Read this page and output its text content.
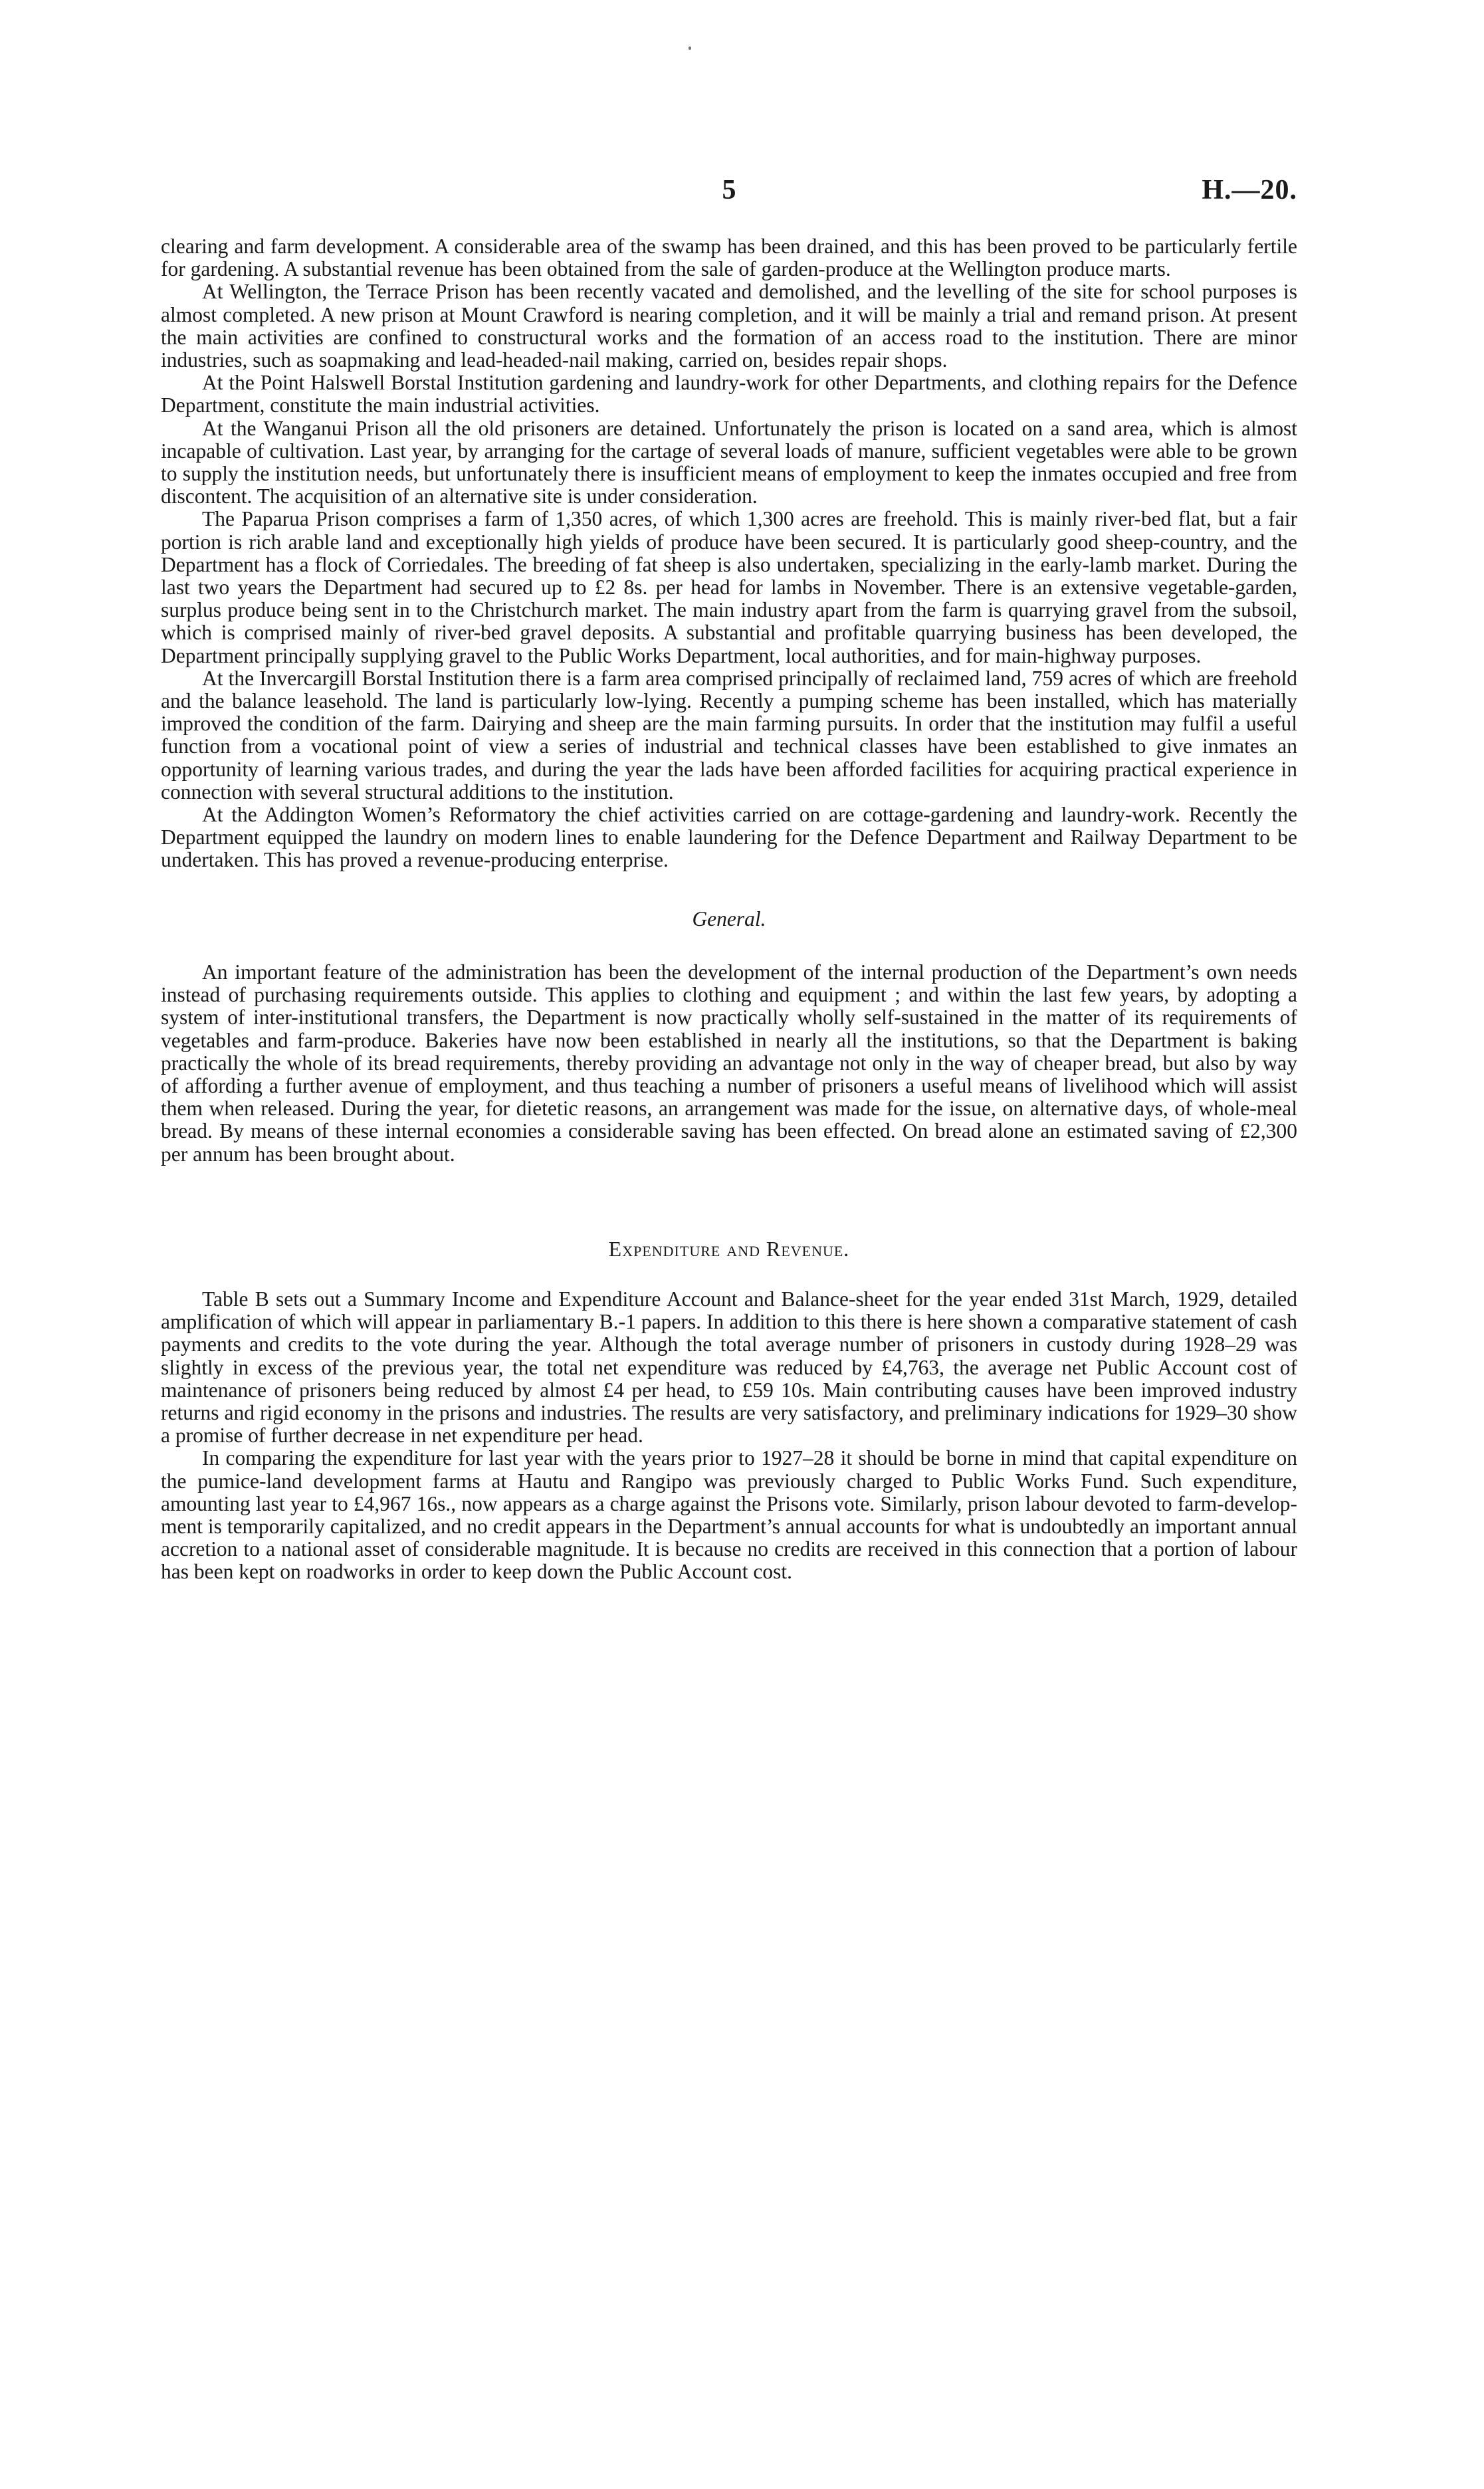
5	H.—20.

clearing and farm development. A considerable area of the swamp has been drained, and this has been proved to be particularly fertile for gardening. A substantial revenue has been obtained from the sale of garden-produce at the Wellington produce marts.

At Wellington, the Terrace Prison has been recently vacated and demolished, and the levelling of the site for school purposes is almost completed. A new prison at Mount Crawford is nearing completion, and it will be mainly a trial and remand prison. At present the main activities are confined to constructural works and the formation of an access road to the institution. There are minor industries, such as soapmaking and lead-headed-nail making, carried on, besides repair shops.

At the Point Halswell Borstal Institution gardening and laundry-work for other Departments, and clothing repairs for the Defence Department, constitute the main industrial activities.

At the Wanganui Prison all the old prisoners are detained. Unfortunately the prison is located on a sand area, which is almost incapable of cultivation. Last year, by arranging for the cartage of several loads of manure, sufficient vegetables were able to be grown to supply the institution needs, but unfortunately there is insufficient means of employment to keep the inmates occupied and free from discontent. The acquisition of an alternative site is under consideration.

The Paparua Prison comprises a farm of 1,350 acres, of which 1,300 acres are freehold. This is mainly river-bed flat, but a fair portion is rich arable land and exceptionally high yields of produce have been secured. It is particularly good sheep-country, and the Department has a flock of Corriedales. The breeding of fat sheep is also undertaken, specializing in the early-lamb market. During the last two years the Department had secured up to £2 8s. per head for lambs in November. There is an extensive vegetable-garden, surplus produce being sent in to the Christchurch market. The main industry apart from the farm is quarrying gravel from the subsoil, which is comprised mainly of river-bed gravel deposits. A substantial and profitable quarrying business has been developed, the Department principally supplying gravel to the Public Works Department, local authorities, and for main-highway purposes.

At the Invercargill Borstal Institution there is a farm area comprised principally of reclaimed land, 759 acres of which are freehold and the balance leasehold. The land is particularly low-lying. Recently a pumping scheme has been installed, which has materially improved the condition of the farm. Dairying and sheep are the main farming pursuits. In order that the institution may fulfil a useful function from a vocational point of view a series of industrial and technical classes have been established to give inmates an opportunity of learning various trades, and during the year the lads have been afforded facilities for acquiring practical experience in connection with several structural additions to the institution.

At the Addington Women’s Reformatory the chief activities carried on are cottage-gardening and laundry-work. Recently the Department equipped the laundry on modern lines to enable laundering for the Defence Department and Railway Department to be undertaken. This has proved a revenue-producing enterprise.

General.

An important feature of the administration has been the development of the internal production of the Department’s own needs instead of purchasing requirements outside. This applies to clothing and equipment ; and within the last few years, by adopting a system of inter-institutional transfers, the Department is now practically wholly self-sustained in the matter of its requirements of vegetables and farm-produce. Bakeries have now been established in nearly all the institutions, so that the Department is baking practically the whole of its bread requirements, thereby providing an advantage not only in the way of cheaper bread, but also by way of affording a further avenue of employment, and thus teaching a number of prisoners a useful means of livelihood which will assist them when released. During the year, for dietetic reasons, an arrangement was made for the issue, on alternative days, of whole-meal bread. By means of these internal economies a considerable saving has been effected. On bread alone an estimated saving of £2,300 per annum has been brought about.

Expenditure and Revenue.

Table B sets out a Summary Income and Expenditure Account and Balance-sheet for the year ended 31st March, 1929, detailed amplification of which will appear in parliamentary B.-1 papers. In addition to this there is here shown a comparative statement of cash payments and credits to the vote during the year. Although the total average number of prisoners in custody during 1928–29 was slightly in excess of the previous year, the total net expenditure was reduced by £4,763, the average net Public Account cost of maintenance of prisoners being reduced by almost £4 per head, to £59 10s. Main contributing causes have been improved industry returns and rigid economy in the prisons and industries. The results are very satisfactory, and preliminary indications for 1929–30 show a promise of further decrease in net expenditure per head.

In comparing the expenditure for last year with the years prior to 1927–28 it should be borne in mind that capital expenditure on the pumice-land development farms at Hautu and Rangipo was previously charged to Public Works Fund. Such expenditure, amounting last year to £4,967 16s., now appears as a charge against the Prisons vote. Similarly, prison labour devoted to farm-development is temporarily capitalized, and no credit appears in the Department’s annual accounts for what is undoubtedly an important annual accretion to a national asset of considerable magnitude. It is because no credits are received in this connection that a portion of labour has been kept on roadworks in order to keep down the Public Account cost.
